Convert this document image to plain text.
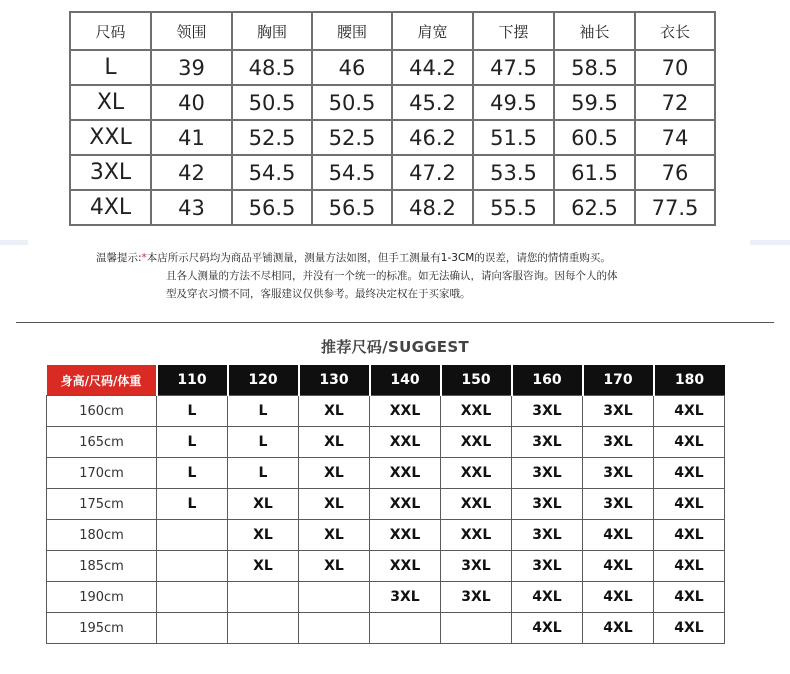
尺码	领围	胸围	腰围	肩宽	下摆	袖长	衣长
L	39	48.5	46	44.2	47.5	58.5	70
XL	40	50.5	50.5	45.2	49.5	59.5	72
XXL	41	52.5	52.5	46.2	51.5	60.5	74
3XL	42	54.5	54.5	47.2	53.5	61.5	76
4XL	43	56.5	56.5	48.2	55.5	62.5	77.5
温馨提示:*本店所示尺码均为商品平铺测量，测量方法如图，但手工测量有1-3CM的误差，请您的情情重购买。
且各人测量的方法不尽相同，并没有一个统一的标准。如无法确认，请向客服咨询。因每个人的体
型及穿衣习惯不同，客服建议仅供参考。最终决定权在于买家哦。
推荐尺码/SUGGEST
身高/尺码/体重	110	120	130	140	150	160	170	180
160cm	L	L	XL	XXL	XXL	3XL	3XL	4XL
165cm	L	L	XL	XXL	XXL	3XL	3XL	4XL
170cm	L	L	XL	XXL	XXL	3XL	3XL	4XL
175cm	L	XL	XL	XXL	XXL	3XL	3XL	4XL
180cm		XL	XL	XXL	XXL	3XL	4XL	4XL
185cm		XL	XL	XXL	3XL	3XL	4XL	4XL
190cm				3XL	3XL	4XL	4XL	4XL
195cm						4XL	4XL	4XL
